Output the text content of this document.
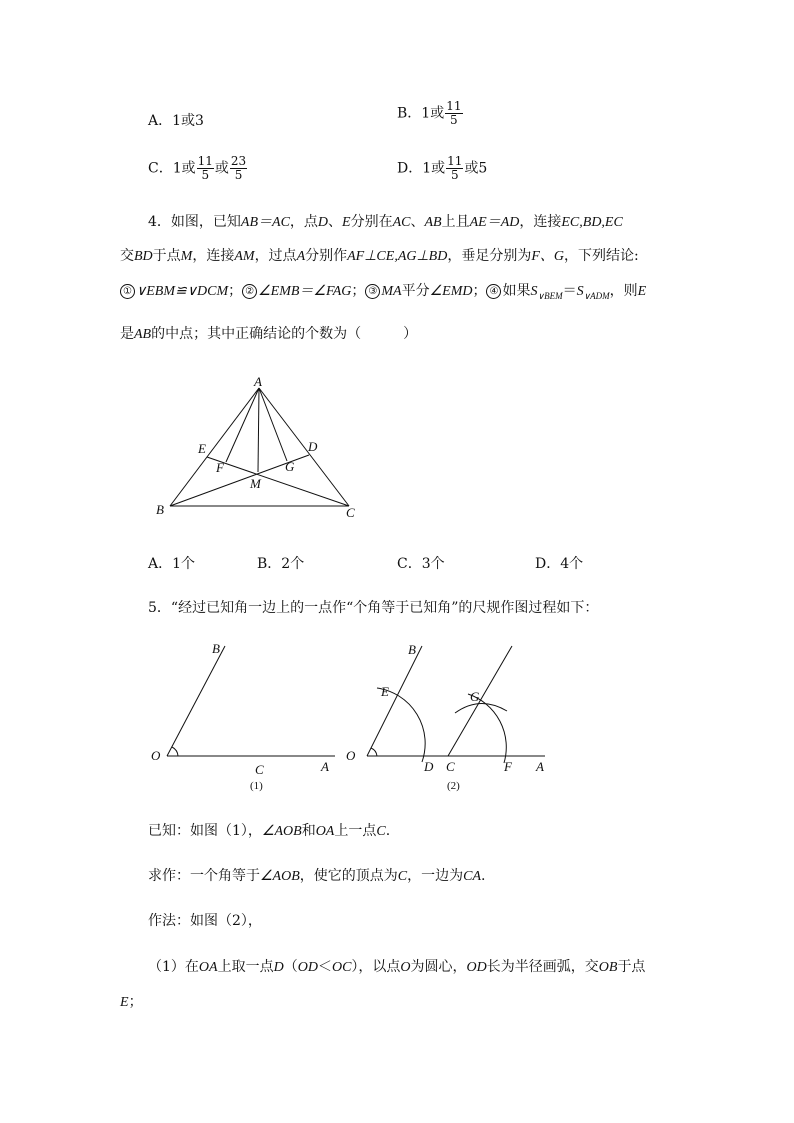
A．1或3	B．1或 $\frac{11}{5}$
C．1或 $\frac{11}{5}$ 或 $\frac{23}{5}$	D．1或 $\frac{11}{5}$ 或5
4．如图，已知AB＝AC，点D、E分别在AC、AB上且AE＝AD，连接EC,BD,EC
交BD于点M，连接AM，过点A分别作AF⊥CE,AG⊥BD，垂足分别为F、G，下列结论:
① ∨EBM≌∨DCM； ② ∠EMB＝∠FAG； ③ MA平分∠EMD； ④ 如果$S_{\vee BEM}=S_{\vee ADM}$，则E
是AB的中点；其中正确结论的个数为（　　　）
A
B	C
D
E
F	G
M
A．1个	B．2个	C．3个	D．4个
5．“经过已知角一边上的一点作“个角等于已知角”的尺规作图过程如下：
B
O
C	A
(1)
B
E	G
O
D C	F A
(2)
已知：如图（1），∠AOB和OA上一点C.
求作：一个角等于∠AOB，使它的顶点为C，一边为CA.
作法：如图（2），
（1）在OA上取一点D（OD＜OC），以点O为圆心，OD长为半径画弧，交OB于点
E；
